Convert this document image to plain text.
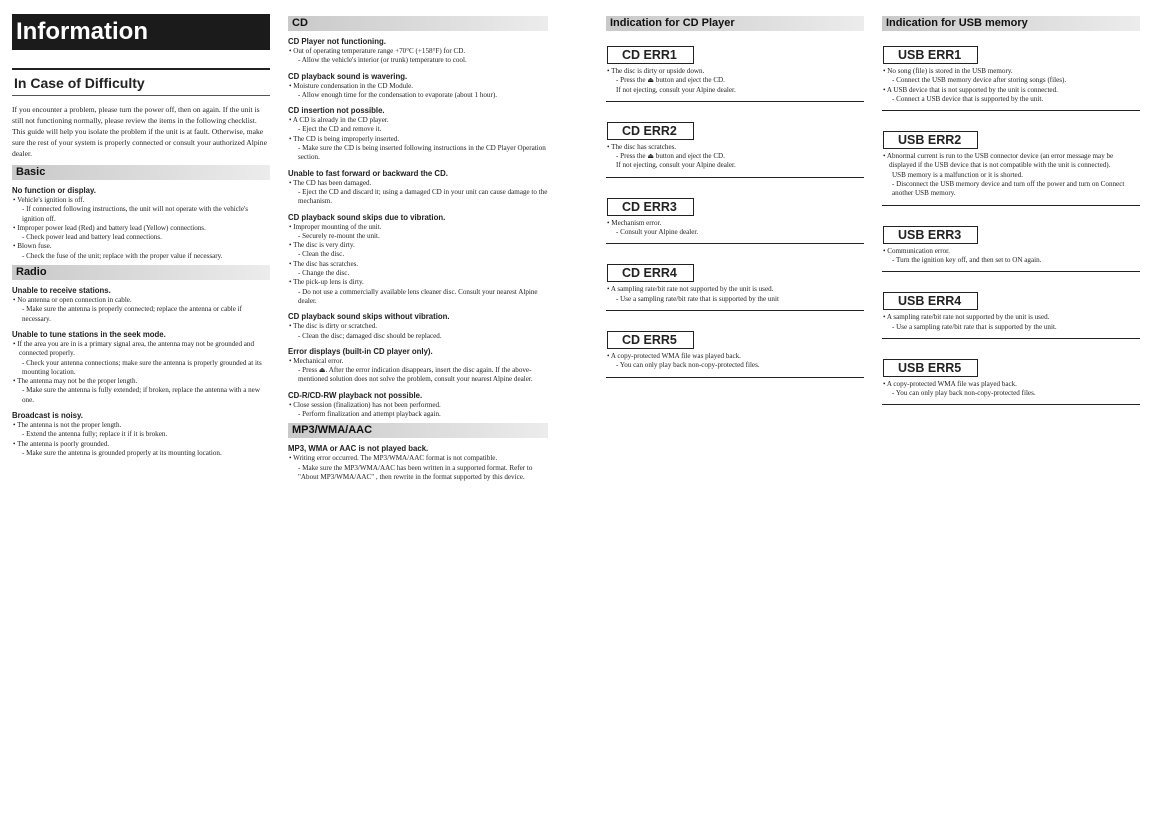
Information
In Case of Difficulty
If you encounter a problem, please turn the power off, then on again. If the unit is still not functioning normally, please review the items in the following checklist. This guide will help you isolate the problem if the unit is at fault. Otherwise, make sure the rest of your system is properly connected or consult your authorized Alpine dealer.
Basic
No function or display.
• Vehicle's ignition is off.
- If connected following instructions, the unit will not operate with the vehicle's ignition off.
• Improper power lead (Red) and battery lead (Yellow) connections.
- Check power lead and battery lead connections.
• Blown fuse.
- Check the fuse of the unit; replace with the proper value if necessary.
Radio
Unable to receive stations.
• No antenna or open connection in cable.
- Make sure the antenna is properly connected; replace the antenna or cable if necessary.
Unable to tune stations in the seek mode.
• If the area you are in is a primary signal area, the antenna may not be grounded and connected properly.
- Check your antenna connections; make sure the antenna is properly grounded at its mounting location.
• The antenna may not be the proper length.
- Make sure the antenna is fully extended; if broken, replace the antenna with a new one.
Broadcast is noisy.
• The antenna is not the proper length.
- Extend the antenna fully; replace it if it is broken.
• The antenna is poorly grounded.
- Make sure the antenna is grounded properly at its mounting location.
CD
CD Player not functioning.
• Out of operating temperature range +70°C (+158°F) for CD.
- Allow the vehicle's interior (or trunk) temperature to cool.
CD playback sound is wavering.
• Moisture condensation in the CD Module.
- Allow enough time for the condensation to evaporate (about 1 hour).
CD insertion not possible.
• A CD is already in the CD player.
- Eject the CD and remove it.
• The CD is being improperly inserted.
- Make sure the CD is being inserted following instructions in the CD Player Operation section.
Unable to fast forward or backward the CD.
• The CD has been damaged.
- Eject the CD and discard it; using a damaged CD in your unit can cause damage to the mechanism.
CD playback sound skips due to vibration.
• Improper mounting of the unit.
- Securely re-mount the unit.
• The disc is very dirty.
- Clean the disc.
• The disc has scratches.
- Change the disc.
• The pick-up lens is dirty.
- Do not use a commercially available lens cleaner disc. Consult your nearest Alpine dealer.
CD playback sound skips without vibration.
• The disc is dirty or scratched.
- Clean the disc; damaged disc should be replaced.
Error displays (built-in CD player only).
• Mechanical error.
- Press ⏏. After the error indication disappears, insert the disc again. If the above-mentioned solution does not solve the problem, consult your nearest Alpine dealer.
CD-R/CD-RW playback not possible.
• Close session (finalization) has not been performed.
- Perform finalization and attempt playback again.
MP3/WMA/AAC
MP3, WMA or AAC is not played back.
• Writing error occurred. The MP3/WMA/AAC format is not compatible.
- Make sure the MP3/WMA/AAC has been written in a supported format. Refer to "About MP3/WMA/AAC" , then rewrite in the format supported by this device.
Indication for CD Player
CD ERR1
• The disc is dirty or upside down.
- Press the ⏏ button and eject the CD.
If not ejecting, consult your Alpine dealer.
CD ERR2
• The disc has scratches.
- Press the ⏏ button and eject the CD.
If not ejecting, consult your Alpine dealer.
CD ERR3
• Mechanism error.
- Consult your Alpine dealer.
CD ERR4
• A sampling rate/bit rate not supported by the unit is used.
- Use a sampling rate/bit rate that is supported by the unit
CD ERR5
• A copy-protected WMA file was played back.
- You can only play back non-copy-protected files.
Indication for USB memory
USB ERR1
• No song (file) is stored in the USB memory.
- Connect the USB memory device after storing songs (files).
• A USB device that is not supported by the unit is connected.
- Connect a USB device that is supported by the unit.
USB ERR2
• Abnormal current is run to the USB connector device (an error message may be displayed if the USB device that is not compatible with the unit is connected).
USB memory is a malfunction or it is shorted.
- Disconnect the USB memory device and turn off the power and turn on Connect another USB memory.
USB ERR3
• Communication error.
- Turn the ignition key off, and then set to ON again.
USB ERR4
• A sampling rate/bit rate not supported by the unit is used.
- Use a sampling rate/bit rate that is supported by the unit.
USB ERR5
• A copy-protected WMA file was played back.
- You can only play back non-copy-protected files.
